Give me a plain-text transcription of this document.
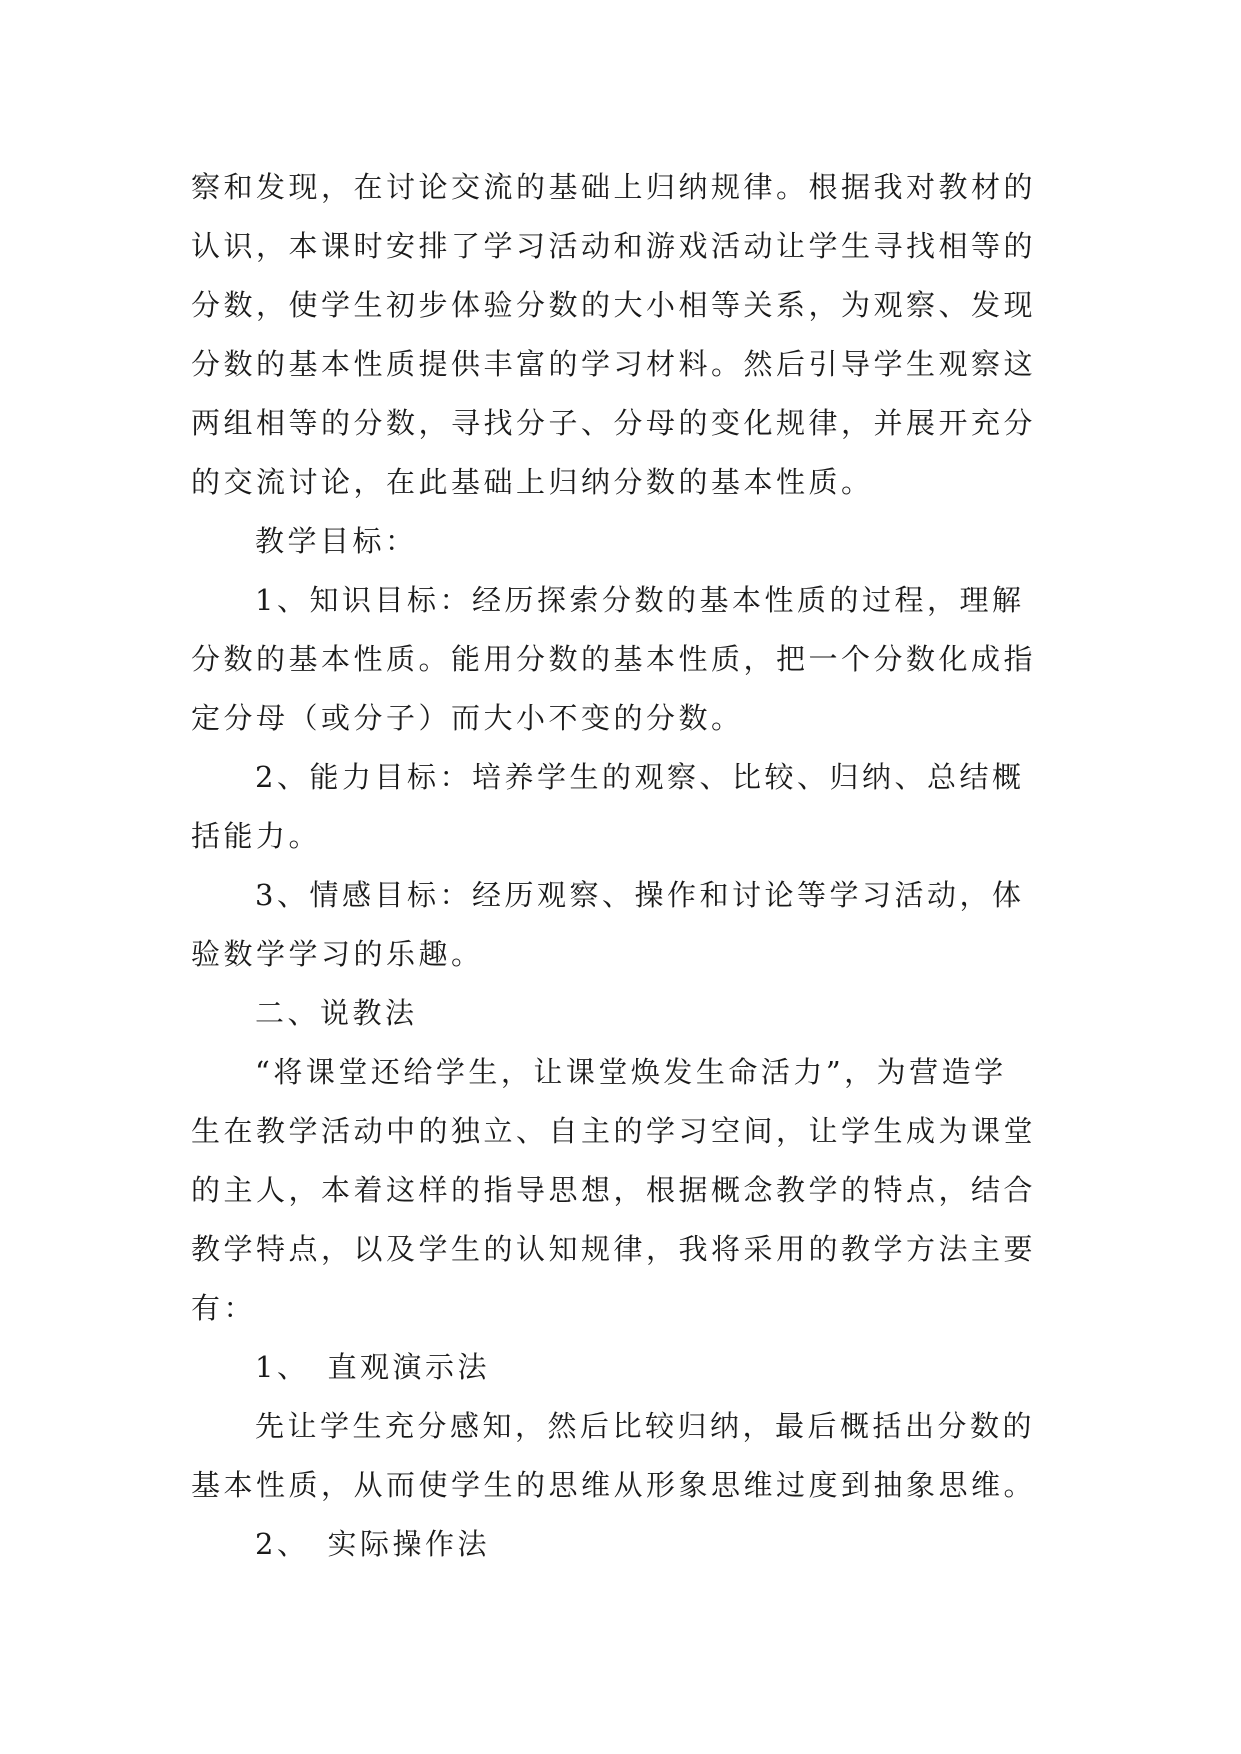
察和发现，在讨论交流的基础上归纳规律。根据我对教材的
认识，本课时安排了学习活动和游戏活动让学生寻找相等的
分数，使学生初步体验分数的大小相等关系，为观察、发现
分数的基本性质提供丰富的学习材料。然后引导学生观察这
两组相等的分数，寻找分子、分母的变化规律，并展开充分
的交流讨论，在此基础上归纳分数的基本性质。
教学目标：
1、知识目标：经历探索分数的基本性质的过程，理解
分数的基本性质。能用分数的基本性质，把一个分数化成指
定分母（或分子）而大小不变的分数。
2、能力目标：培养学生的观察、比较、归纳、总结概
括能力。
3、情感目标：经历观察、操作和讨论等学习活动，体
验数学学习的乐趣。
二、说教法
“将课堂还给学生，让课堂焕发生命活力”，为营造学
生在教学活动中的独立、自主的学习空间，让学生成为课堂
的主人，本着这样的指导思想，根据概念教学的特点，结合
教学特点，以及学生的认知规律，我将采用的教学方法主要
有：
1、　直观演示法
先让学生充分感知，然后比较归纳，最后概括出分数的
基本性质，从而使学生的思维从形象思维过度到抽象思维。
2、　实际操作法
